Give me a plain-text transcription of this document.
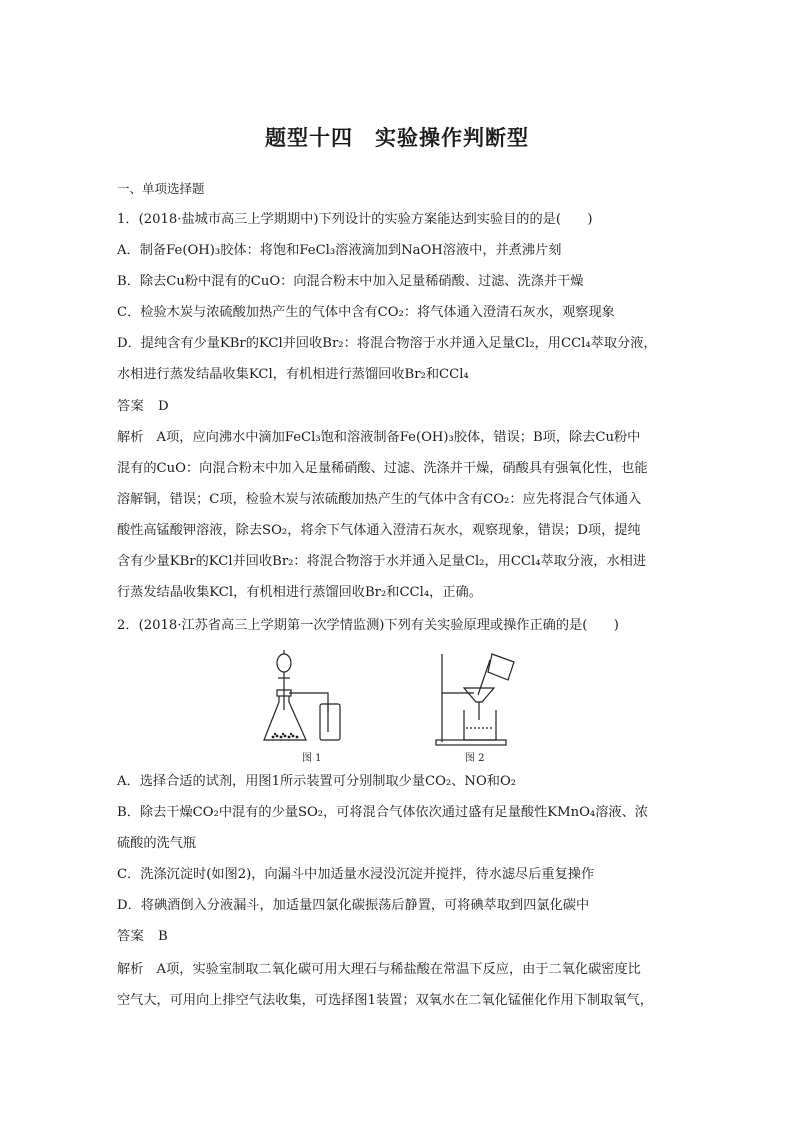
题型十四　实验操作判断型
一、单项选择题
1．(2018·盐城市高三上学期期中)下列设计的实验方案能达到实验目的的是(　　)
A．制备Fe(OH)₃胶体：将饱和FeCl₃溶液滴加到NaOH溶液中，并煮沸片刻
B．除去Cu粉中混有的CuO：向混合粉末中加入足量稀硝酸、过滤、洗涤并干燥
C．检验木炭与浓硫酸加热产生的气体中含有CO₂：将气体通入澄清石灰水，观察现象
D．提纯含有少量KBr的KCl并回收Br₂：将混合物溶于水并通入足量Cl₂，用CCl₄萃取分液，
水相进行蒸发结晶收集KCl，有机相进行蒸馏回收Br₂和CCl₄
答案　D
解析　A项，应向沸水中滴加FeCl₃饱和溶液制备Fe(OH)₃胶体，错误；B项，除去Cu粉中
混有的CuO：向混合粉末中加入足量稀硝酸、过滤、洗涤并干燥，硝酸具有强氧化性，也能
溶解铜，错误；C项，检验木炭与浓硫酸加热产生的气体中含有CO₂：应先将混合气体通入
酸性高锰酸钾溶液，除去SO₂，将余下气体通入澄清石灰水，观察现象，错误；D项，提纯
含有少量KBr的KCl并回收Br₂：将混合物溶于水并通入足量Cl₂，用CCl₄萃取分液，水相进
行蒸发结晶收集KCl，有机相进行蒸馏回收Br₂和CCl₄，正确。
2．(2018·江苏省高三上学期第一次学情监测)下列有关实验原理或操作正确的是(　　)
图 1	图 2
A．选择合适的试剂，用图1所示装置可分别制取少量CO₂、NO和O₂
B．除去干燥CO₂中混有的少量SO₂，可将混合气体依次通过盛有足量酸性KMnO₄溶液、浓
硫酸的洗气瓶
C．洗涤沉淀时(如图2)，向漏斗中加适量水浸没沉淀并搅拌，待水滤尽后重复操作
D．将碘酒倒入分液漏斗，加适量四氯化碳振荡后静置，可将碘萃取到四氯化碳中
答案　B
解析　A项，实验室制取二氧化碳可用大理石与稀盐酸在常温下反应，由于二氧化碳密度比
空气大，可用向上排空气法收集，可选择图1装置；双氧水在二氧化锰催化作用下制取氧气，
